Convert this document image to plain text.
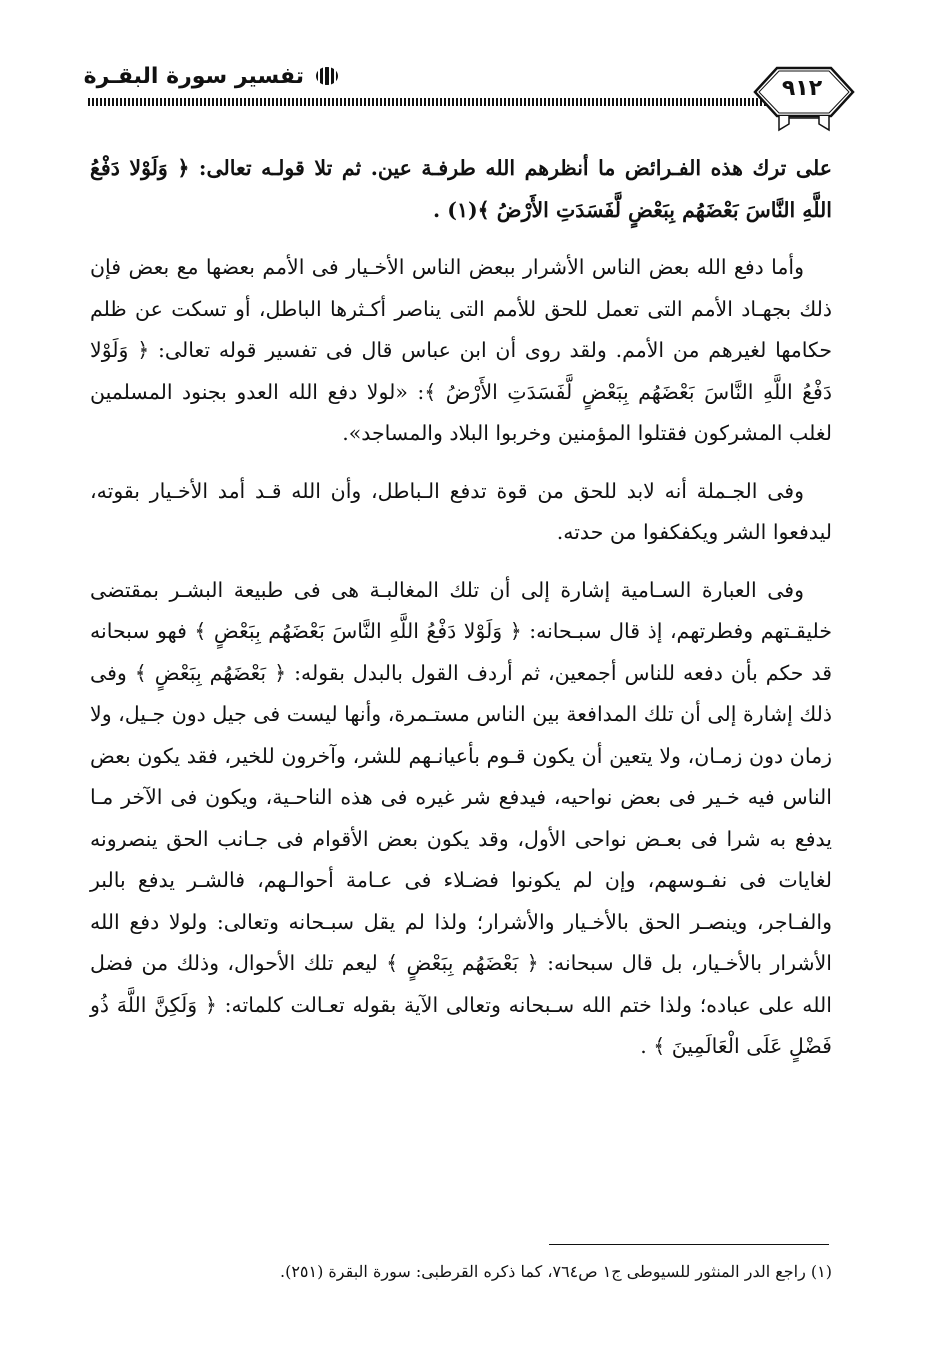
تفسير سورة البقـرة	٩١٢

على ترك هذه الفـرائض ما أنظرهم الله طرفـة عين. ثم تلا قولـه تعالى: ﴿ وَلَوْلا دَفْعُ اللَّهِ النَّاسَ بَعْضَهُم بِبَعْضٍ لَّفَسَدَتِ الأَرْضُ ﴾(١) .

وأما دفع الله بعض الناس الأشرار ببعض الناس الأخـيار فى الأمم بعضها مع بعض فإن ذلك بجهـاد الأمم التى تعمل للحق للأمم التى يناصر أكـثرها الباطل، أو تسكت عن ظلم حكامها لغيرهم من الأمم. ولقد روى أن ابن عباس قال فى تفسير قوله تعالى: ﴿ وَلَوْلا دَفْعُ اللَّهِ النَّاسَ بَعْضَهُم بِبَعْضٍ لَّفَسَدَتِ الأَرْضُ ﴾: «لولا دفع الله العدو بجنود المسلمين لغلب المشركون فقتلوا المؤمنين وخربوا البلاد والمساجد».

وفى الجـملة أنه لابد للحق من قوة تدفع الـباطل، وأن الله قـد أمد الأخـيار بقوته، ليدفعوا الشر ويكفكفوا من حدته.

وفى العبارة السـامية إشارة إلى أن تلك المغالبـة هى فى طبيعة البشـر بمقتضى خليقـتهم وفطرتهم، إذ قال سبـحانه: ﴿ وَلَوْلا دَفْعُ اللَّهِ النَّاسَ بَعْضَهُم بِبَعْضٍ ﴾ فهو سبحانه قد حكم بأن دفعه للناس أجمعين، ثم أردف القول بالبدل بقوله: ﴿ بَعْضَهُم بِبَعْضٍ ﴾ وفى ذلك إشارة إلى أن تلك المدافعة بين الناس مستـمرة، وأنها ليست فى جيل دون جـيل، ولا زمان دون زمـان، ولا يتعين أن يكون قـوم بأعيانـهم للشر، وآخرون للخير، فقد يكون بعض الناس فيه خـير فى بعض نواحيه، فيدفع شر غيره فى هذه الناحـية، ويكون فى الآخر مـا يدفع به شرا فى بعـض نواحى الأول، وقد يكون بعض الأقوام فى جـانب الحق ينصرونه لغايات فى نفـوسهم، وإن لم يكونوا فضـلاء فى عـامة أحوالـهم، فالشـر يدفع بالبر والفـاجر، وينصـر الحق بالأخـيار والأشرار؛ ولذا لم يقل سبـحانه وتعالى: ولولا دفع الله الأشرار بالأخـيار، بل قال سبحانه: ﴿ بَعْضَهُم بِبَعْضٍ ﴾ ليعم تلك الأحوال، وذلك من فضل الله على عباده؛ ولذا ختم الله سـبحانه وتعالى الآية بقوله تعـالت كلماته: ﴿ وَلَكِنَّ اللَّهَ ذُو فَضْلٍ عَلَى الْعَالَمِينَ ﴾ .

(١) راجع الدر المنثور للسيوطى ج١ ص٧٦٤، كما ذكره القرطبى: سورة البقرة (٢٥١).
